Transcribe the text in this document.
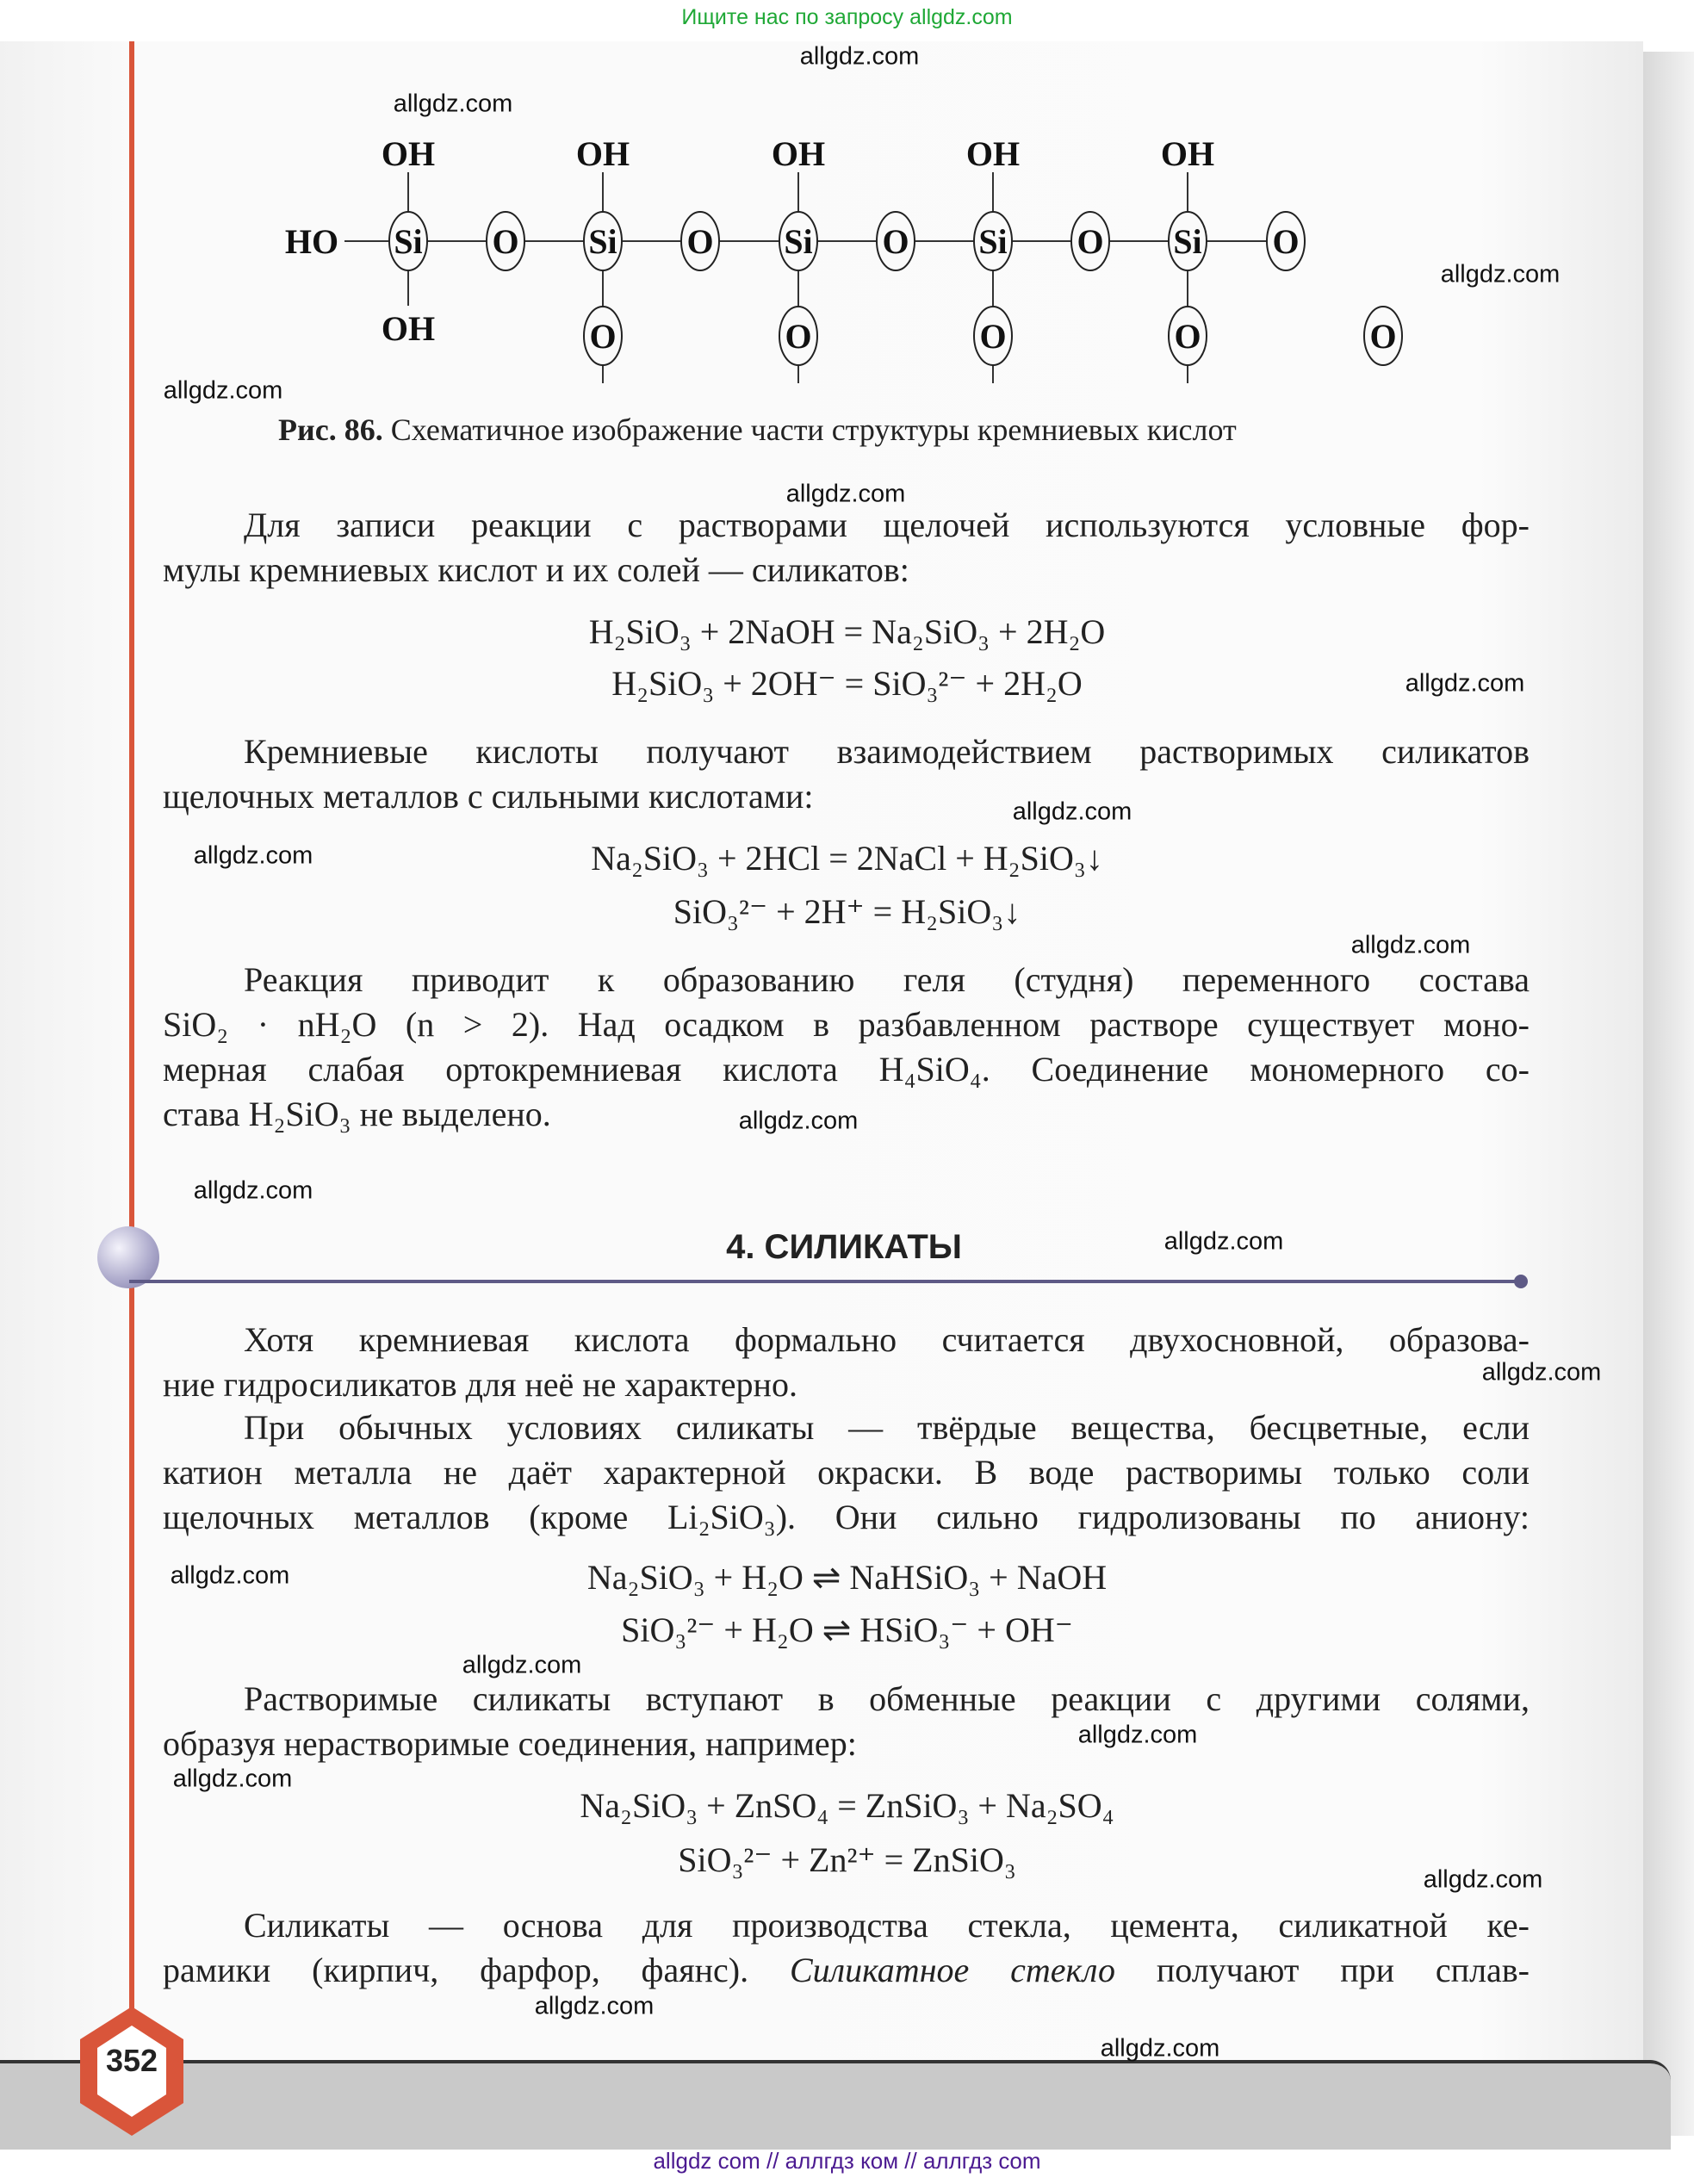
Ищите нас по запросу allgdz.com
Si
OH
OH
Si
OH
O
Si
OH
O
Si
OH
O
Si
OH
O
O	O	O	O	O
O
HO
Рис. 86. Схематичное изображение части структуры кремниевых кислот
Для записи реакции с растворами щелочей используются условные фор-
мулы кремниевых кислот и их солей — силикатов:
H₂SiO₃ + 2NaOH = Na₂SiO₃ + 2H₂O
H₂SiO₃ + 2OH⁻ = SiO₃²⁻ + 2H₂O
Кремниевые кислоты получают взаимодействием растворимых силикатов
щелочных металлов с сильными кислотами:
Na₂SiO₃ + 2HCl = 2NaCl + H₂SiO₃↓
SiO₃²⁻ + 2H⁺ = H₂SiO₃↓
Реакция приводит к образованию геля (студня) переменного состава
SiO₂ · nH₂O (n > 2). Над осадком в разбавленном растворе существует моно-
мерная слабая ортокремниевая кислота H₄SiO₄. Соединение мономерного со-
става H₂SiO₃ не выделено.
4. СИЛИКАТЫ
Хотя кремниевая кислота формально считается двухосновной, образова-
ние гидросиликатов для неё не характерно.
При обычных условиях силикаты — твёрдые вещества, бесцветные, если
катион металла не даёт характерной окраски. В воде растворимы только соли
щелочных металлов (кроме Li₂SiO₃). Они сильно гидролизованы по аниону:
Na₂SiO₃ + H₂O ⇌ NaHSiO₃ + NaOH
SiO₃²⁻ + H₂O ⇌ HSiO₃⁻ + OH⁻
Растворимые силикаты вступают в обменные реакции с другими солями,
образуя нерастворимые соединения, например:
Na₂SiO₃ + ZnSO₄ = ZnSiO₃ + Na₂SO₄
SiO₃²⁻ + Zn²⁺ = ZnSiO₃
Силикаты — основа для производства стекла, цемента, силикатной ке-
рамики (кирпич, фарфор, фаянс). Силикатное стекло получают при сплав-
352
allgdz.com
allgdz.com
allgdz.com
allgdz.com
allgdz.com
allgdz.com
allgdz.com
allgdz.com
allgdz.com
allgdz.com
allgdz.com
allgdz.com
allgdz.com
allgdz.com
allgdz.com
allgdz.com
allgdz.com
allgdz.com
allgdz.com
allgdz.com
allgdz com // аллгдз ком // аллгдз com
